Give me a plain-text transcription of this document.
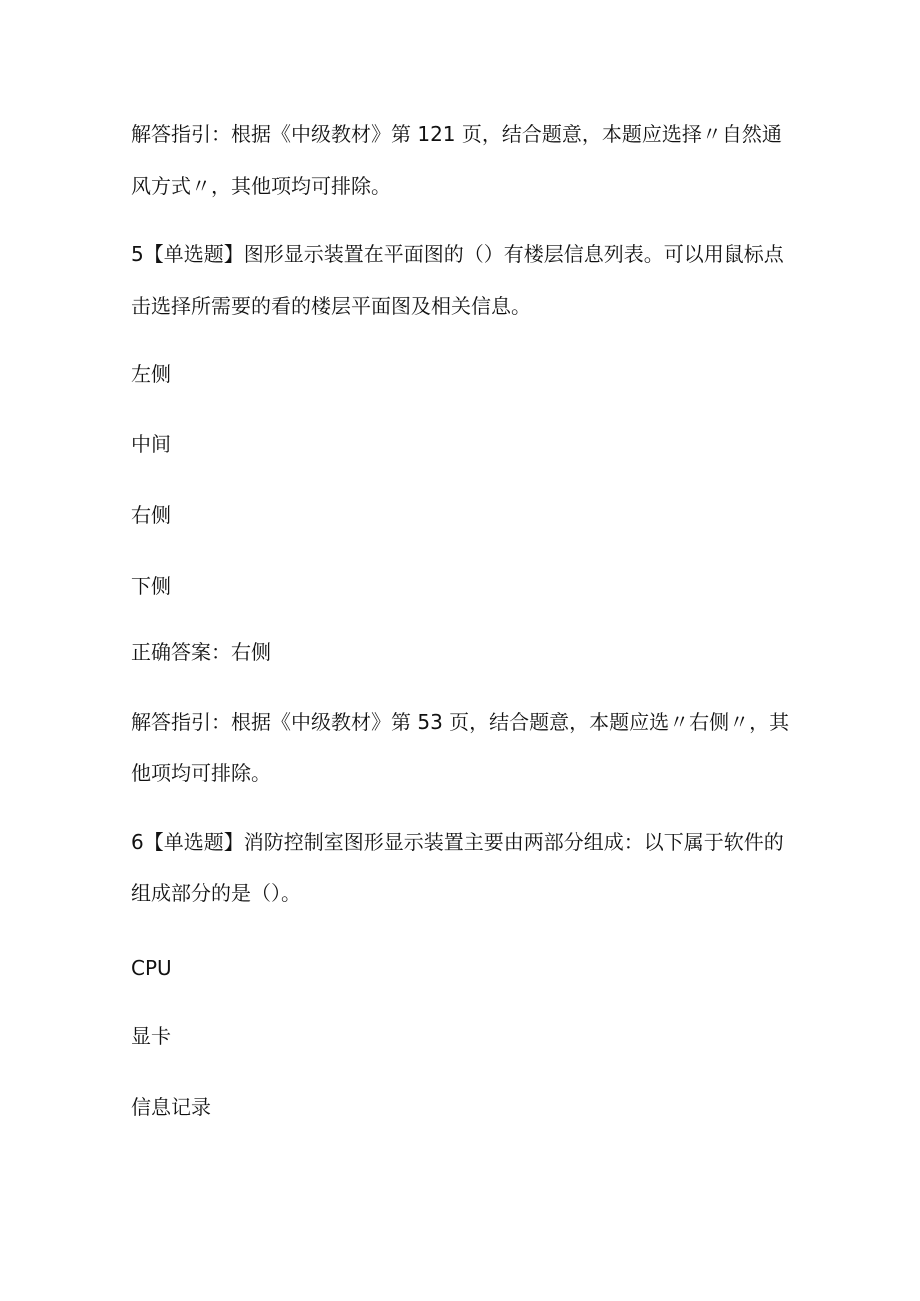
解答指引：根据《中级教材》第 121 页，结合题意，本题应选择〃自然通
风方式〃，其他项均可排除。
5【单选题】图形显示装置在平面图的（）有楼层信息列表。可以用鼠标点
击选择所需要的看的楼层平面图及相关信息。
左侧
中间
右侧
下侧
正确答案：右侧
解答指引：根据《中级教材》第 53 页，结合题意，本题应选〃右侧〃，其
他项均可排除。
6【单选题】消防控制室图形显示装置主要由两部分组成：以下属于软件的
组成部分的是（）。
CPU
显卡
信息记录
